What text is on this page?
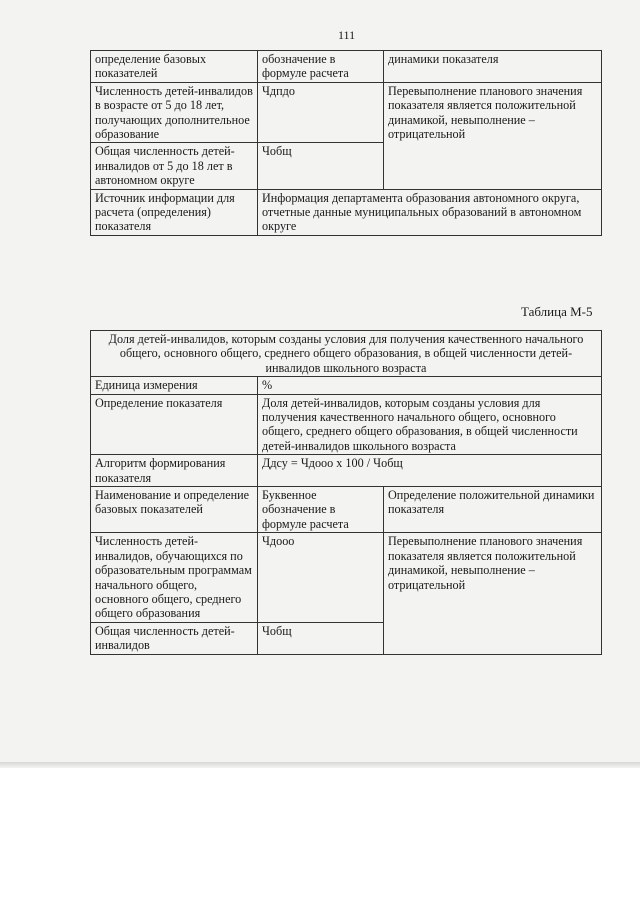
111
определение базовых показателей	обозначение в формуле расчета	динамики показателя
Численность детей-инвалидов в возрасте от 5 до 18 лет, получающих дополнительное образование	Чдпдо	Перевыполнение планового значения показателя является положительной динамикой, невыполнение – отрицательной
Общая численность детей-инвалидов от 5 до 18 лет в автономном округе	Чобщ	
Источник информации для расчета (определения) показателя	Информация департамента образования автономного округа, отчетные данные муниципальных образований в автономном округе	
Таблица М-5
Доля детей-инвалидов, которым созданы условия для получения качественного начального общего, основного общего, среднего общего образования, в общей численности детей-инвалидов школьного возраста		
Единица измерения	%	
Определение показателя	Доля детей-инвалидов, которым созданы условия для получения качественного начального общего, основного общего, среднего общего образования, в общей численности детей-инвалидов школьного возраста	
Алгоритм формирования показателя	Ддсу = Чдооо х 100 / Чобщ	
Наименование и определение базовых показателей	Буквенное обозначение в формуле расчета	Определение положительной динамики показателя
Численность детей-инвалидов, обучающихся по образовательным программам начального общего, основного общего, среднего общего образования	Чдооо	Перевыполнение планового значения показателя является положительной динамикой, невыполнение – отрицательной
Общая численность детей-инвалидов	Чобщ	
